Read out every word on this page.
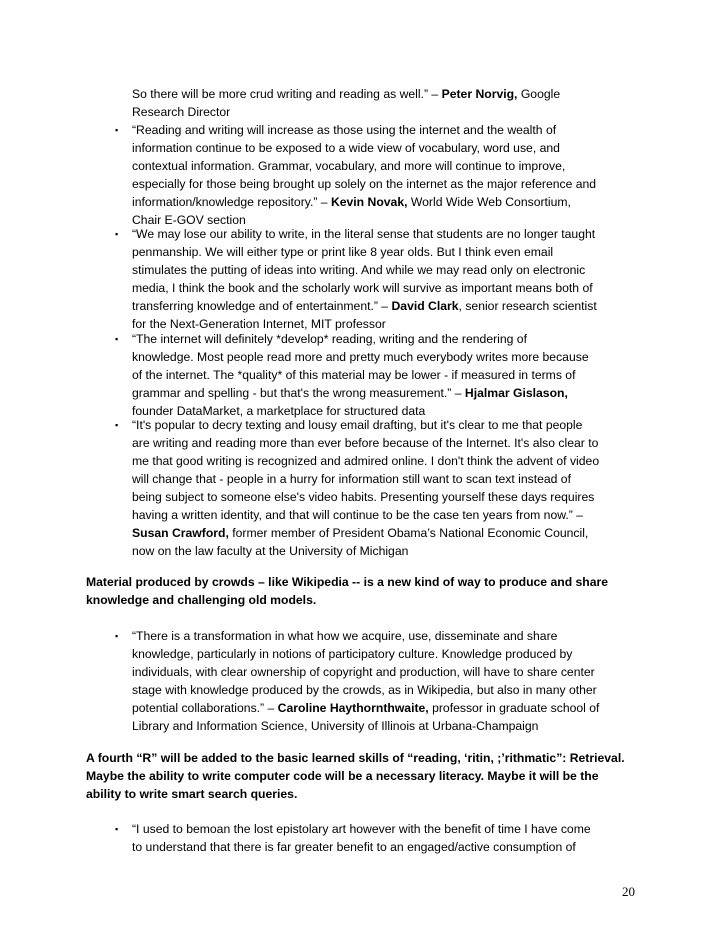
So there will be more crud writing and reading as well.” – Peter Norvig, Google
Research Director
▪ “Reading and writing will increase as those using the internet and the wealth of
information continue to be exposed to a wide view of vocabulary, word use, and
contextual information. Grammar, vocabulary, and more will continue to improve,
especially for those being brought up solely on the internet as the major reference and
information/knowledge repository.” – Kevin Novak, World Wide Web Consortium,
Chair E-GOV section
▪ “We may lose our ability to write, in the literal sense that students are no longer taught
penmanship. We will either type or print like 8 year olds. But I think even email
stimulates the putting of ideas into writing. And while we may read only on electronic
media, I think the book and the scholarly work will survive as important means both of
transferring knowledge and of entertainment.” – David Clark, senior research scientist
for the Next-Generation Internet, MIT professor
▪ “The internet will definitely *develop* reading, writing and the rendering of
knowledge. Most people read more and pretty much everybody writes more because
of the internet. The *quality* of this material may be lower - if measured in terms of
grammar and spelling - but that's the wrong measurement.” – Hjalmar Gislason,
founder DataMarket, a marketplace for structured data
▪ “It's popular to decry texting and lousy email drafting, but it's clear to me that people
are writing and reading more than ever before because of the Internet. It's also clear to
me that good writing is recognized and admired online. I don't think the advent of video
will change that - people in a hurry for information still want to scan text instead of
being subject to someone else's video habits. Presenting yourself these days requires
having a written identity, and that will continue to be the case ten years from now.” –
Susan Crawford, former member of President Obama’s National Economic Council,
now on the law faculty at the University of Michigan
Material produced by crowds – like Wikipedia -- is a new kind of way to produce and share
knowledge and challenging old models.
▪ “There is a transformation in what how we acquire, use, disseminate and share
knowledge, particularly in notions of participatory culture. Knowledge produced by
individuals, with clear ownership of copyright and production, will have to share center
stage with knowledge produced by the crowds, as in Wikipedia, but also in many other
potential collaborations.” – Caroline Haythornthwaite, professor in graduate school of
Library and Information Science, University of Illinois at Urbana-Champaign
A fourth “R” will be added to the basic learned skills of “reading, ‘ritin, ;’rithmatic”: Retrieval.
Maybe the ability to write computer code will be a necessary literacy. Maybe it will be the
ability to write smart search queries.
▪ “I used to bemoan the lost epistolary art however with the benefit of time I have come
to understand that there is far greater benefit to an engaged/active consumption of
20
